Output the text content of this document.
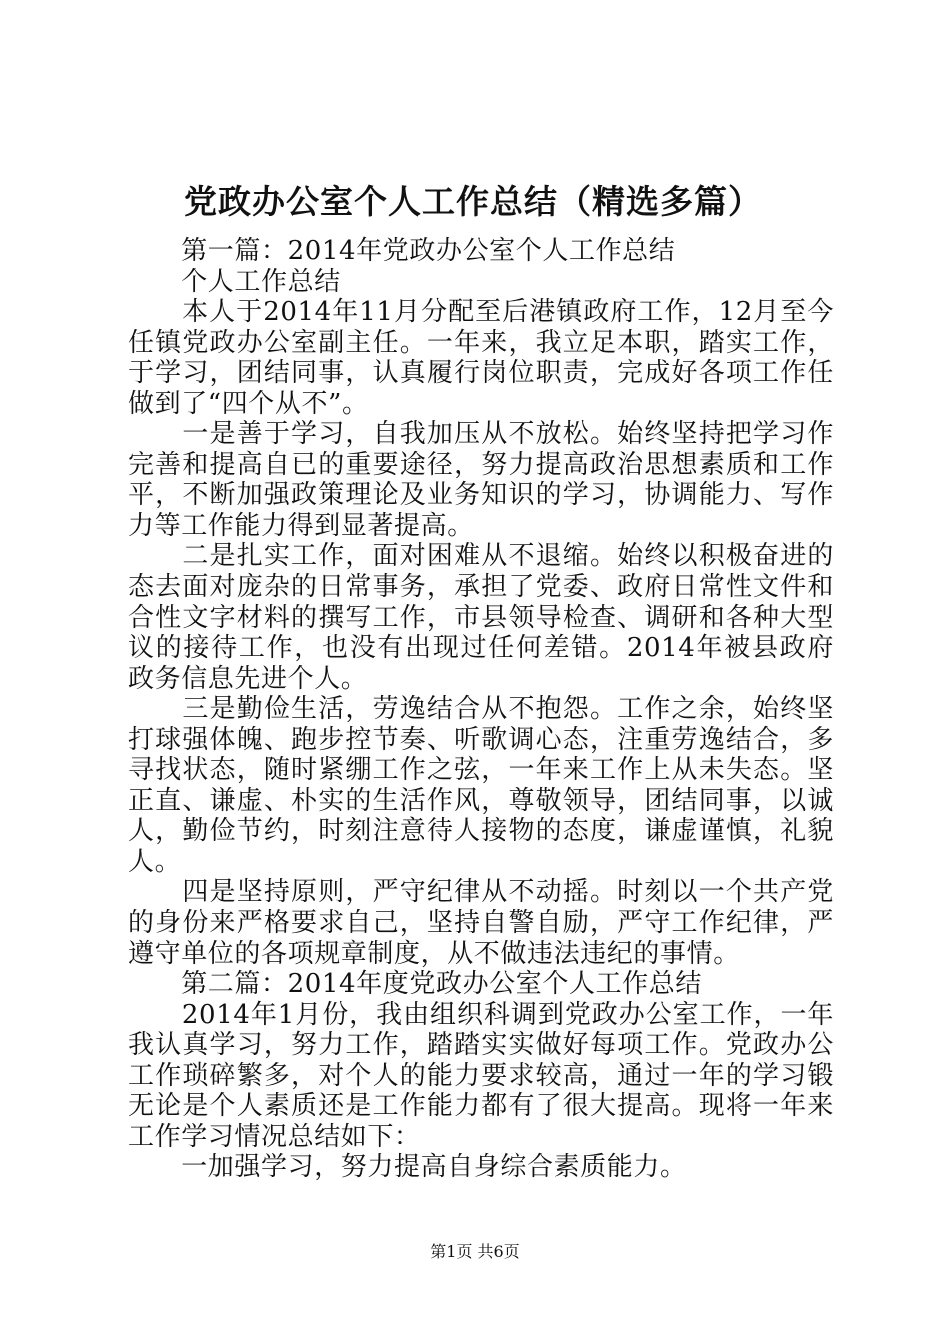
党政办公室个人工作总结（精选多篇）

　　第一篇：2014年党政办公室个人工作总结

　　个人工作总结

　　本人于2014年11月分配至后港镇政府工作，12月至今

任镇党政办公室副主任。一年来，我立足本职，踏实工作，

于学习，团结同事，认真履行岗位职责，完成好各项工作任

做到了“四个从不”。

　　一是善于学习，自我加压从不放松。始终坚持把学习作

完善和提高自已的重要途径，努力提高政治思想素质和工作

平，不断加强政策理论及业务知识的学习，协调能力、写作

力等工作能力得到显著提高。

　　二是扎实工作，面对困难从不退缩。始终以积极奋进的

态去面对庞杂的日常事务，承担了党委、政府日常性文件和

合性文字材料的撰写工作，市县领导检查、调研和各种大型

议的接待工作，也没有出现过任何差错。2014年被县政府

政务信息先进个人。

　　三是勤俭生活，劳逸结合从不抱怨。工作之余，始终坚

打球强体魄、跑步控节奏、听歌调心态，注重劳逸结合，多

寻找状态，随时紧绷工作之弦，一年来工作上从未失态。坚

正直、谦虚、朴实的生活作风，尊敬领导，团结同事，以诚

人，勤俭节约，时刻注意待人接物的态度，谦虚谨慎，礼貌

人。

　　四是坚持原则，严守纪律从不动摇。时刻以一个共产党

的身份来严格要求自己，坚持自警自励，严守工作纪律，严

遵守单位的各项规章制度，从不做违法违纪的事情。

　　第二篇：2014年度党政办公室个人工作总结

　　2014年1月份，我由组织科调到党政办公室工作，一年

我认真学习，努力工作，踏踏实实做好每项工作。党政办公

工作琐碎繁多，对个人的能力要求较高，通过一年的学习锻

无论是个人素质还是工作能力都有了很大提高。现将一年来

工作学习情况总结如下：

　　一加强学习，努力提高自身综合素质能力。

第1页 共6页
